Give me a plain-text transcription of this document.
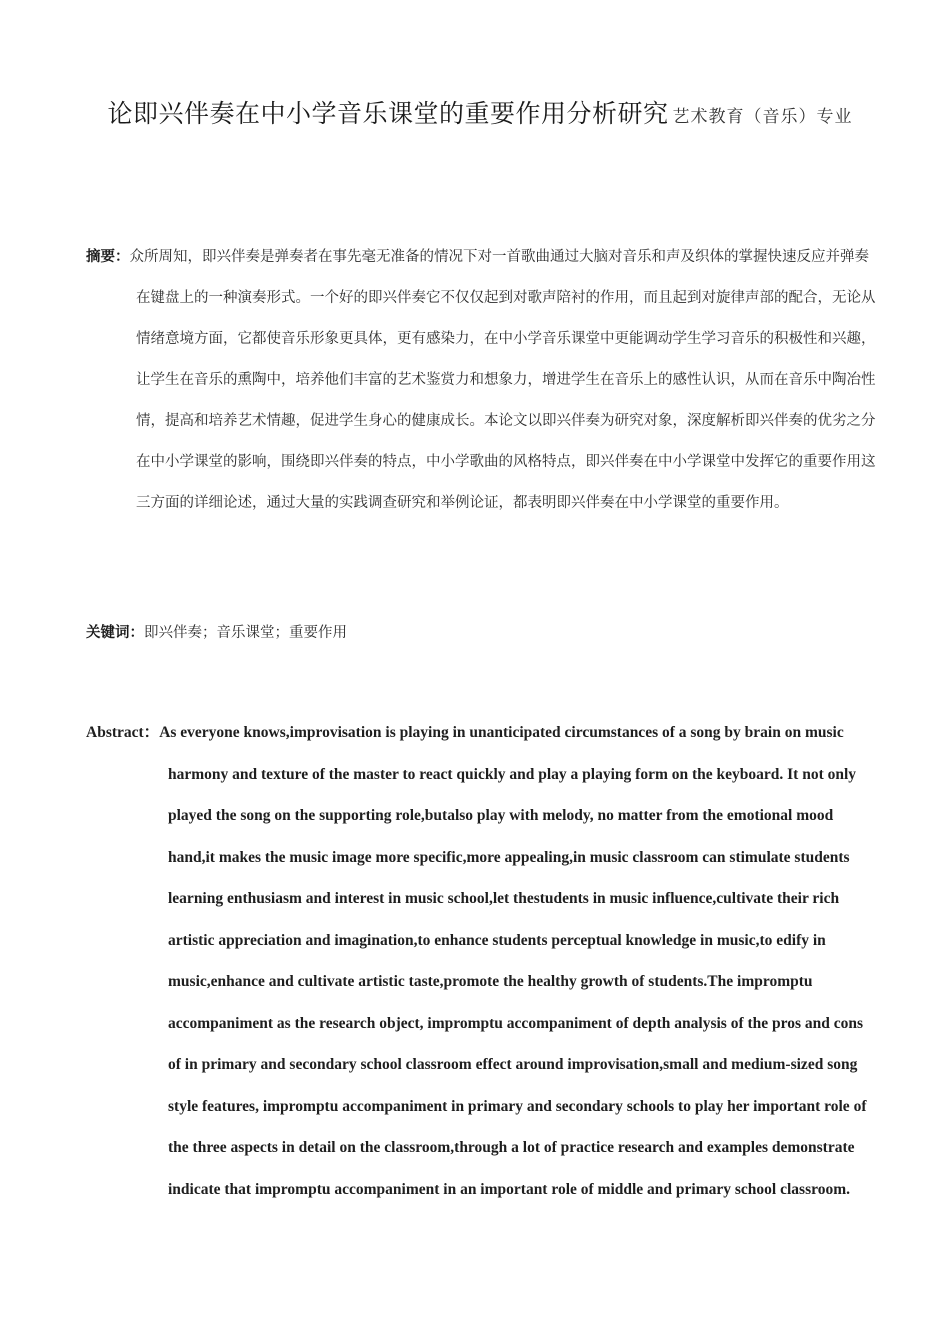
论即兴伴奏在中小学音乐课堂的重要作用分析研究 艺术教育（音乐）专业

摘要：众所周知，即兴伴奏是弹奏者在事先毫无准备的情况下对一首歌曲通过大脑对音乐和声及织体的掌握快速反应并弹奏在键盘上的一种演奏形式。一个好的即兴伴奏它不仅仅起到对歌声陪衬的作用，而且起到对旋律声部的配合，无论从情绪意境方面，它都使音乐形象更具体，更有感染力，在中小学音乐课堂中更能调动学生学习音乐的积极性和兴趣，让学生在音乐的熏陶中，培养他们丰富的艺术鉴赏力和想象力，增进学生在音乐上的感性认识，从而在音乐中陶冶性情，提高和培养艺术情趣，促进学生身心的健康成长。本论文以即兴伴奏为研究对象，深度解析即兴伴奏的优劣之分在中小学课堂的影响，围绕即兴伴奏的特点，中小学歌曲的风格特点，即兴伴奏在中小学课堂中发挥它的重要作用这三方面的详细论述，通过大量的实践调查研究和举例论证，都表明即兴伴奏在中小学课堂的重要作用。

关键词：即兴伴奏；音乐课堂；重要作用

Abstract：As everyone knows,improvisation is playing in unanticipated circumstances of a song by brain on music harmony and texture of the master to react quickly and play a playing form on the keyboard. It not only played the song on the supporting role,butalso play with melody, no matter from the emotional mood hand,it makes the music image more specific,more appealing,in music classroom can stimulate students learning enthusiasm and interest in music school,let thestudents in music influence,cultivate their rich artistic appreciation and imagination,to enhance students perceptual knowledge in music,to edify in music,enhance and cultivate artistic taste,promote the healthy growth of students.The impromptu accompaniment as the research object, impromptu accompaniment of depth analysis of the pros and cons of in primary and secondary school classroom effect around improvisation,small and medium-sized song style features, impromptu accompaniment in primary and secondary schools to play her important role of the three aspects in detail on the classroom,through a lot of practice research and examples demonstrate indicate that impromptu accompaniment in an important role of middle and primary school classroom.
